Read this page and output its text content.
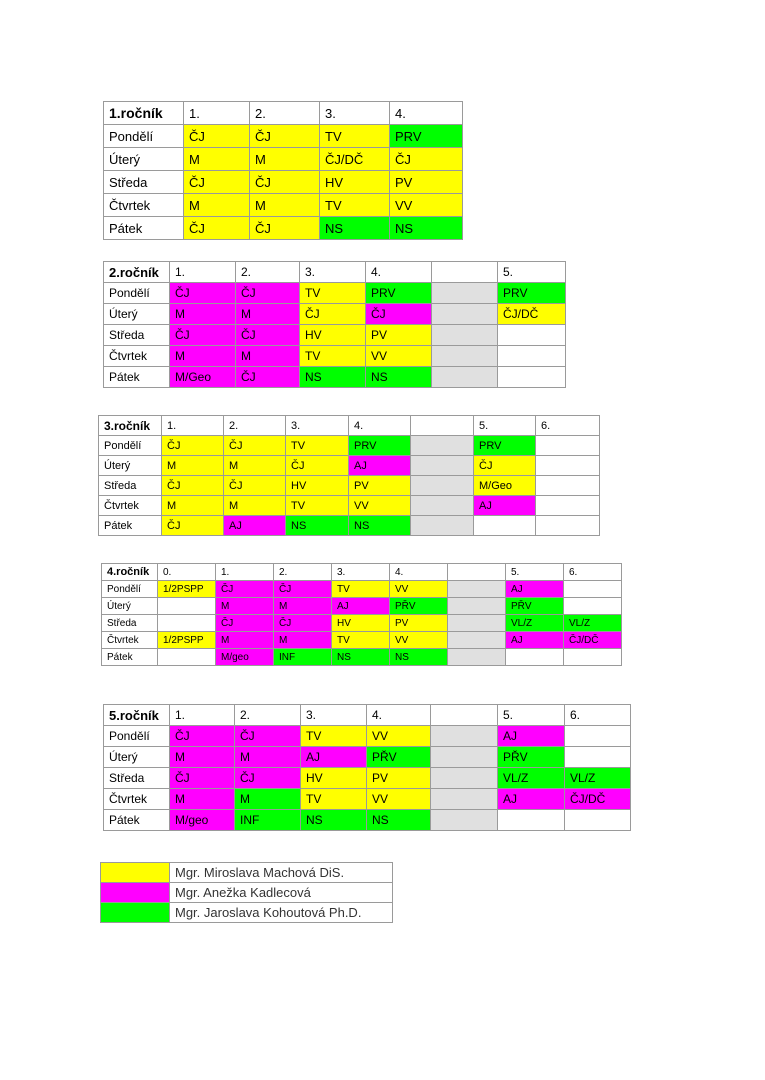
1.ročník	1.	2.	3.	4.
Pondělí	ČJ	ČJ	TV	PRV
Úterý	M	M	ČJ/DČ	ČJ
Středa	ČJ	ČJ	HV	PV
Čtvrtek	M	M	TV	VV
Pátek	ČJ	ČJ	NS	NS
2.ročník	1.	2.	3.	4.		5.
Pondělí	ČJ	ČJ	TV	PRV		PRV
Úterý	M	M	ČJ	ČJ		ČJ/DČ
Středa	ČJ	ČJ	HV	PV		
Čtvrtek	M	M	TV	VV		
Pátek	M/Geo	ČJ	NS	NS		
3.ročník	1.	2.	3.	4.		5.	6.
Pondělí	ČJ	ČJ	TV	PRV		PRV	
Úterý	M	M	ČJ	AJ		ČJ	
Středa	ČJ	ČJ	HV	PV		M/Geo	
Čtvrtek	M	M	TV	VV		AJ	
Pátek	ČJ	AJ	NS	NS			
4.ročník	0.	1.	2.	3.	4.		5.	6.
Pondělí	1/2PSPP	ČJ	ČJ	TV	VV		AJ	
Úterý		M	M	AJ	PŘV		PŘV	
Středa		ČJ	ČJ	HV	PV		VL/Z	VL/Z
Čtvrtek	1/2PSPP	M	M	TV	VV		AJ	ČJ/DČ
Pátek		M/geo	INF	NS	NS			
5.ročník	1.	2.	3.	4.		5.	6.
Pondělí	ČJ	ČJ	TV	VV		AJ	
Úterý	M	M	AJ	PŘV		PŘV	
Středa	ČJ	ČJ	HV	PV		VL/Z	VL/Z
Čtvrtek	M	M	TV	VV		AJ	ČJ/DČ
Pátek	M/geo	INF	NS	NS			
	Mgr. Miroslava Machová DiS.
	Mgr. Anežka Kadlecová
	Mgr. Jaroslava Kohoutová Ph.D.
